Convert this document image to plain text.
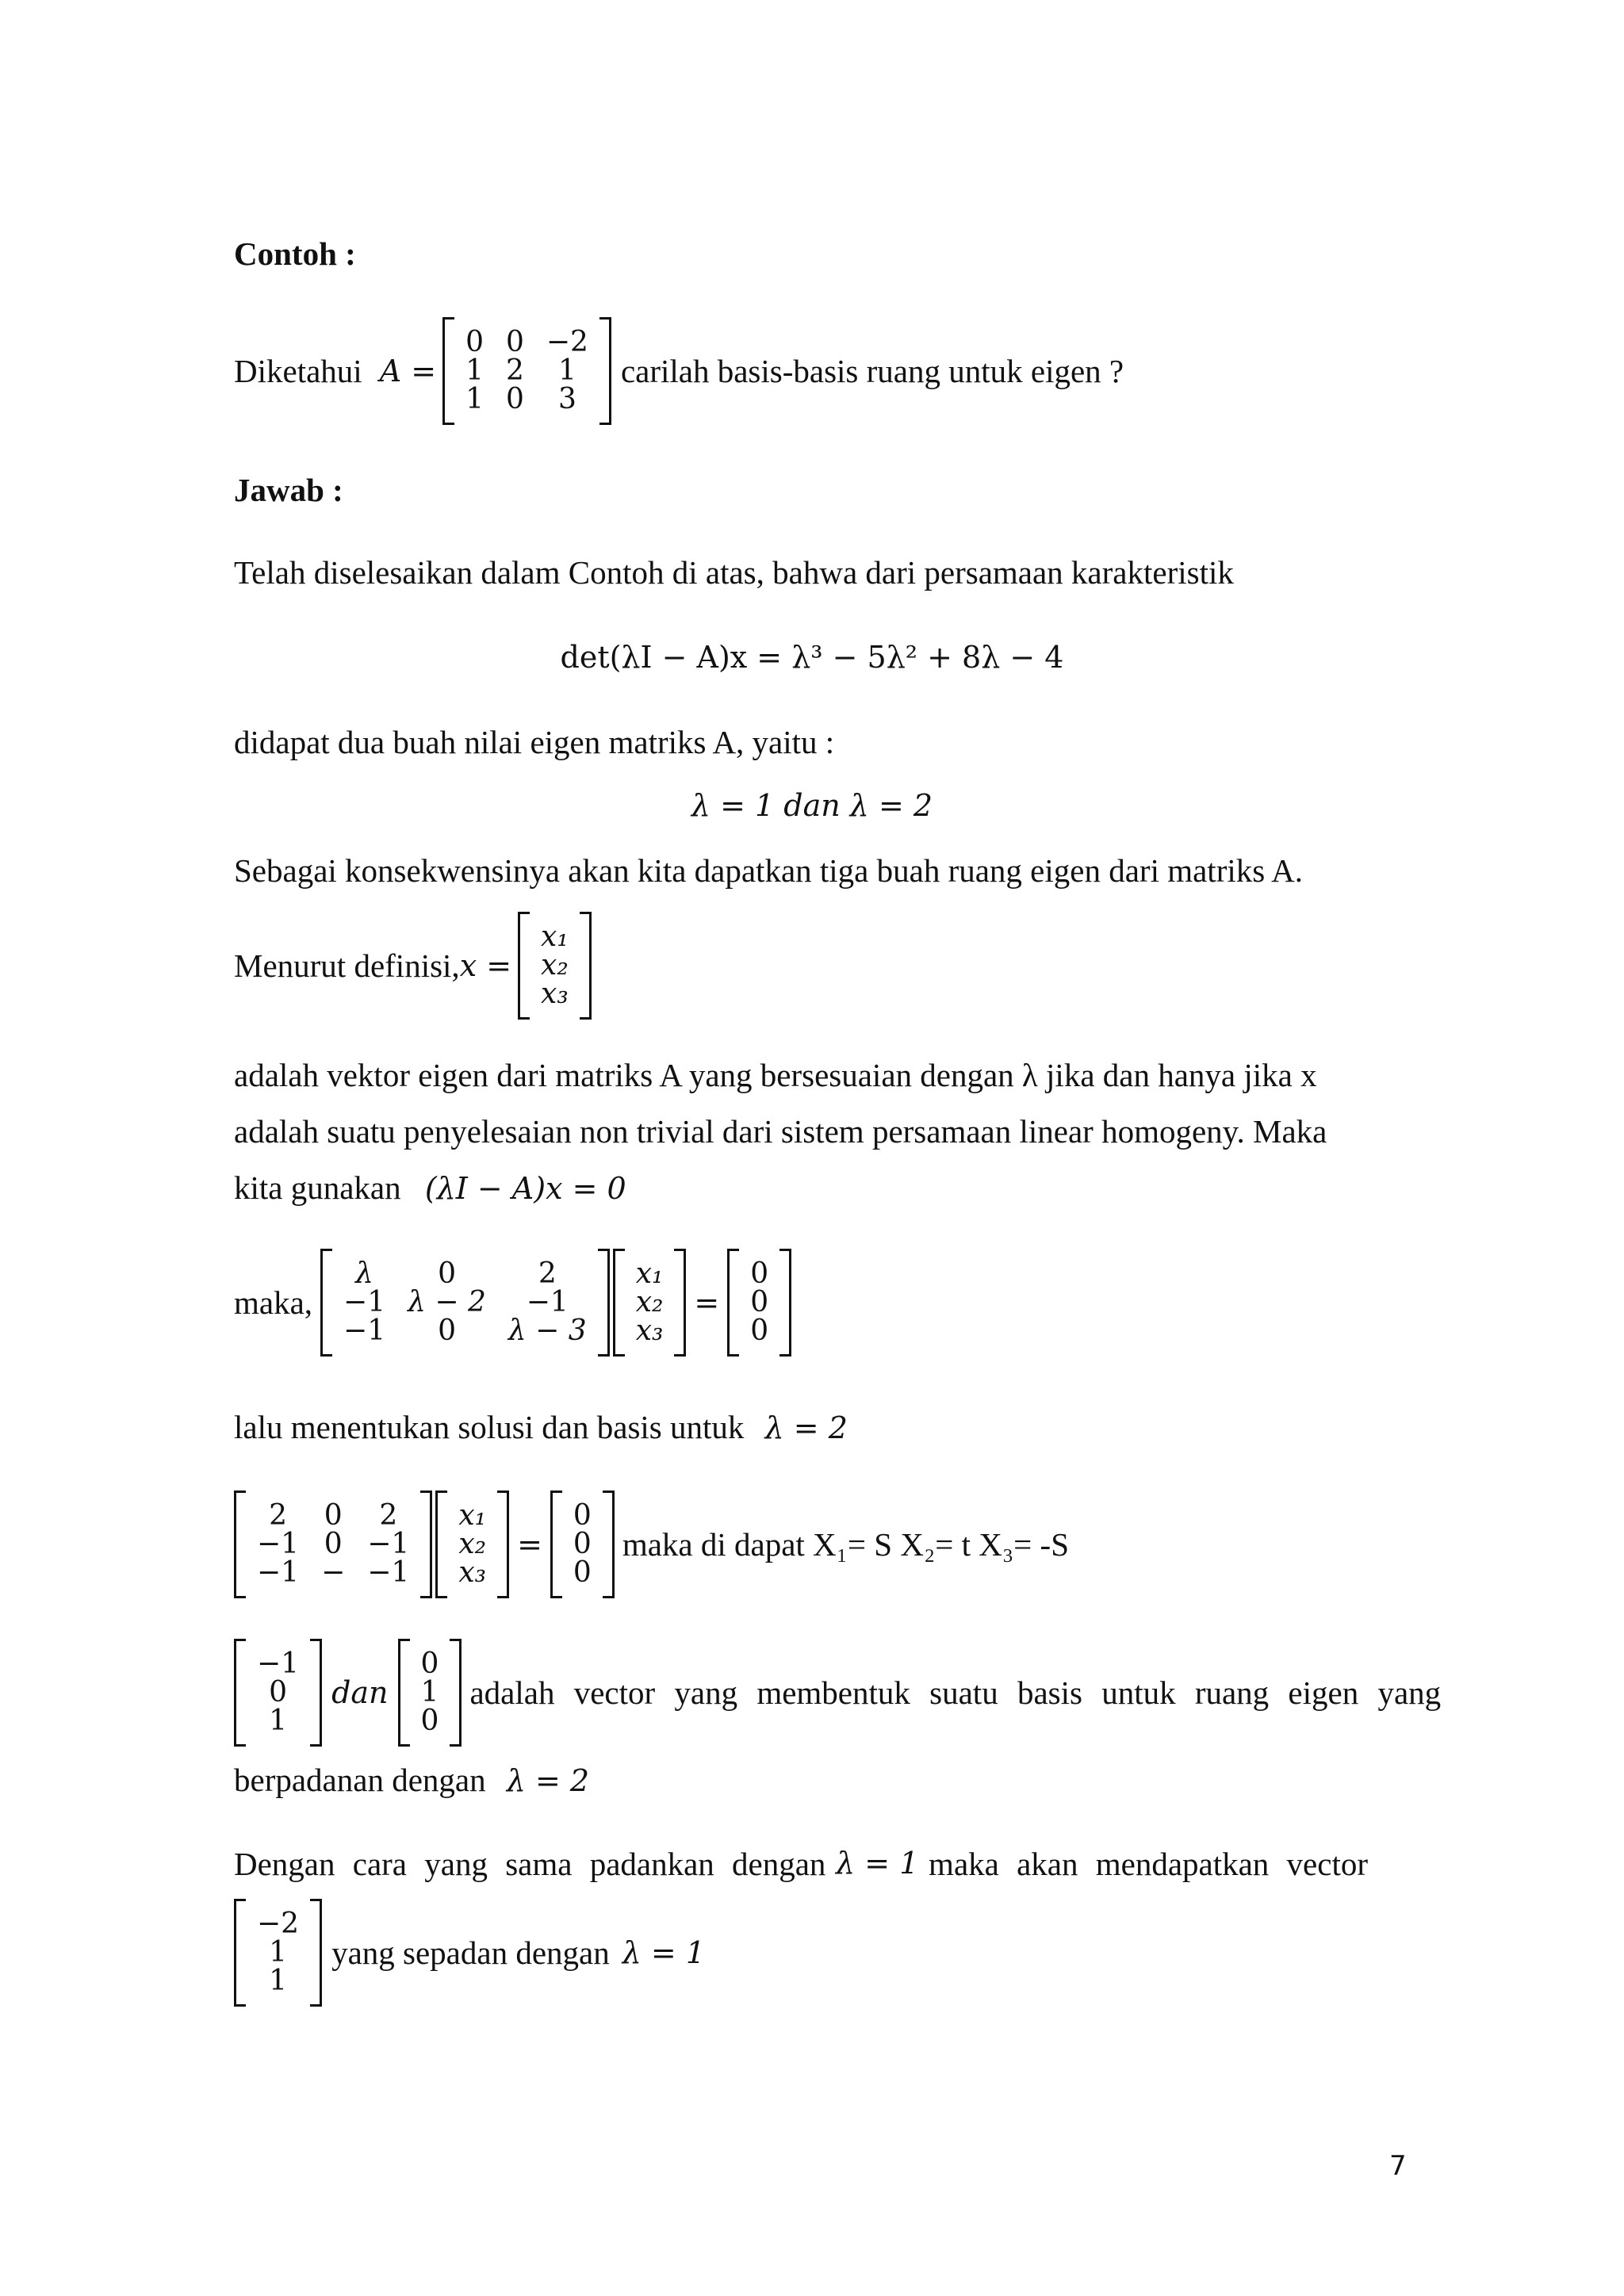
Contoh :
Diketahui A =
0	0	−2
1	2	1
1	0	3
carilah basis-basis ruang untuk eigen ?
Jawab :
Telah diselesaikan dalam Contoh di atas, bahwa dari persamaan karakteristik
det(λI − A)x = λ³ − 5λ² + 8λ − 4
didapat dua buah nilai eigen matriks A, yaitu :
λ = 1 dan λ = 2
Sebagai konsekwensinya akan kita dapatkan tiga buah ruang eigen dari matriks A.
Menurut definisi, x =
x₁
x₂
x₃
adalah vektor eigen dari matriks A yang bersesuaian dengan λ jika dan hanya jika x
adalah suatu penyelesaian non trivial dari sistem persamaan linear homogeny. Maka
kita gunakan (λI − A)x = 0
maka,
λ	0	2
−1	λ − 2	−1
−1	0	λ − 3
x₁
x₂
x₃
=
0
0
0
lalu menentukan solusi dan basis untuk λ = 2
2	0	2
−1	0	−1
−1	−	−1
x₁
x₂
x₃
=
0
0
0
maka di dapat X₁= S X₂= t X₃= -S
−1
0
1
dan
0
1
0
adalah vector yang membentuk suatu basis untuk ruang eigen yang
berpadanan dengan λ = 2
Dengan cara yang sama padankan dengan λ = 1 maka akan mendapatkan vector
−2
1
1
yang sepadan dengan λ = 1
7
